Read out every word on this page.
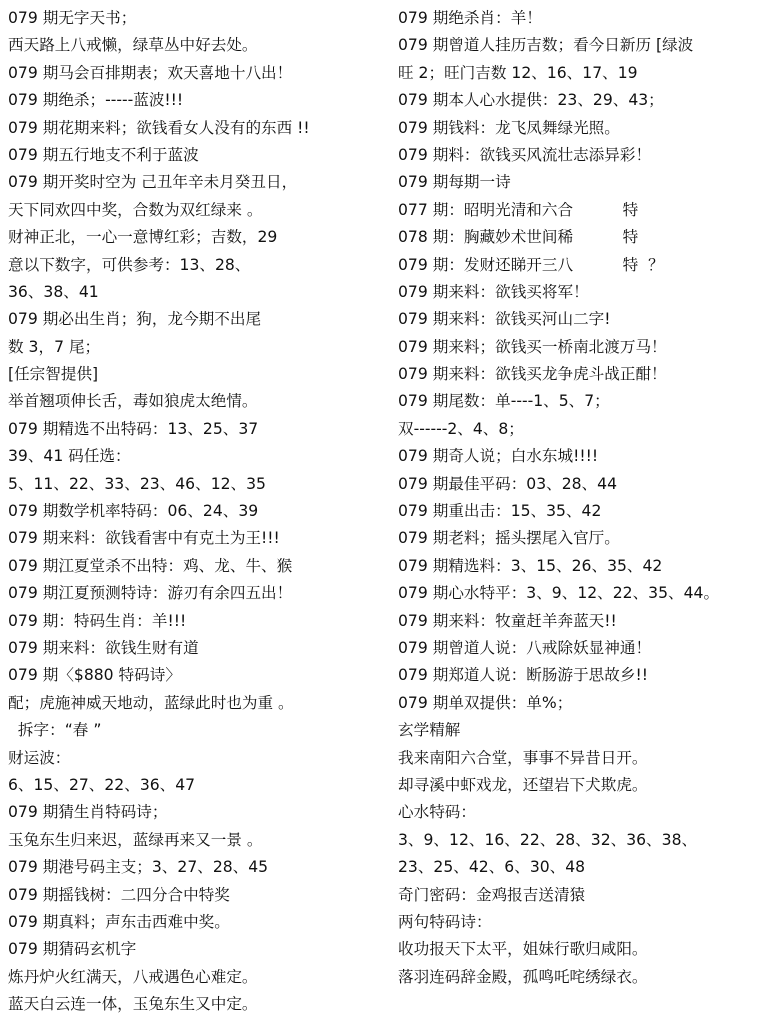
079 期无字天书；
西天路上八戒懒，绿草丛中好去处。
079 期马会百排期表；欢天喜地十八出！
079 期绝杀；-----蓝波!!!
079 期花期来料；欲钱看女人没有的东西 !!
079 期五行地支不利于蓝波
079 期开奖时空为 己丑年辛未月癸丑日，
天下同欢四中奖，合数为双红绿来 。
财神正北，一心一意博红彩；吉数，29
意以下数字，可供参考：13、28、
36、38、41
079 期必出生肖；狗，龙今期不出尾
数 3，7 尾；
[任宗智提供]
举首翘项伸长舌，毒如狼虎太绝情。
079 期精选不出特码：13、25、37
39、41 码任选：
5、11、22、33、23、46、12、35
079 期数学机率特码：06、24、39
079 期来料：欲钱看害中有克土为王!!!
079 期江夏堂杀不出特：鸡、龙、牛、猴
079 期江夏预测特诗：游刃有余四五出！
079 期：特码生肖：羊!!!
079 期来料：欲钱生财有道
079 期〈$880 特码诗〉
配；虎施神威天地动，蓝绿此时也为重 。
拆字：“春 ”
财运波：
6、15、27、22、36、47
079 期猜生肖特码诗；
玉兔东生归来迟，蓝绿再来又一景 。
079 期港号码主支；3、27、28、45
079 期摇钱树：二四分合中特奖
079 期真料；声东击西难中奖。
079 期猜码玄机字
炼丹炉火红满天，八戒遇色心难定。
蓝天白云连一体，玉兔东生又中定。
079 期绝杀肖：羊！
079 期曾道人挂历吉数；看今日新历 [绿波
旺 2；旺门吉数 12、16、17、19
079 期本人心水提供：23、29、43；
079 期钱料：龙飞凤舞绿光照。
079 期料：欲钱买风流壮志添异彩！
079 期每期一诗
077 期：昭明光清和六合          特
078 期：胸藏妙术世间稀          特
079 期：发财还睇开三八          特  ？
079 期来料：欲钱买将军！
079 期来料：欲钱买河山二字!
079 期来料；欲钱买一桥南北渡万马！
079 期来料：欲钱买龙争虎斗战正酣！
079 期尾数：单----1、5、7；
双------2、4、8；
079 期奇人说；白水东城!!!!
079 期最佳平码：03、28、44
079 期重出击：15、35、42
079 期老料；摇头摆尾入官厅。
079 期精选料：3、15、26、35、42
079 期心水特平：3、9、12、22、35、44。
079 期来料：牧童赶羊奔蓝天!!
079 期曾道人说：八戒除妖显神通！
079 期郑道人说：断肠游于思故乡!!
079 期单双提供：单%；
玄学精解
我来南阳六合堂，事事不异昔日开。
却寻溪中虾戏龙，还望岩下犬欺虎。
心水特码：
3、9、12、16、22、28、32、36、38、
23、25、42、6、30、48
奇门密码：金鸡报吉送清猿
两句特码诗：
收功报天下太平，姐妹行歌归咸阳。
落羽连码辞金殿，孤鸣吒咤绣绿衣。
